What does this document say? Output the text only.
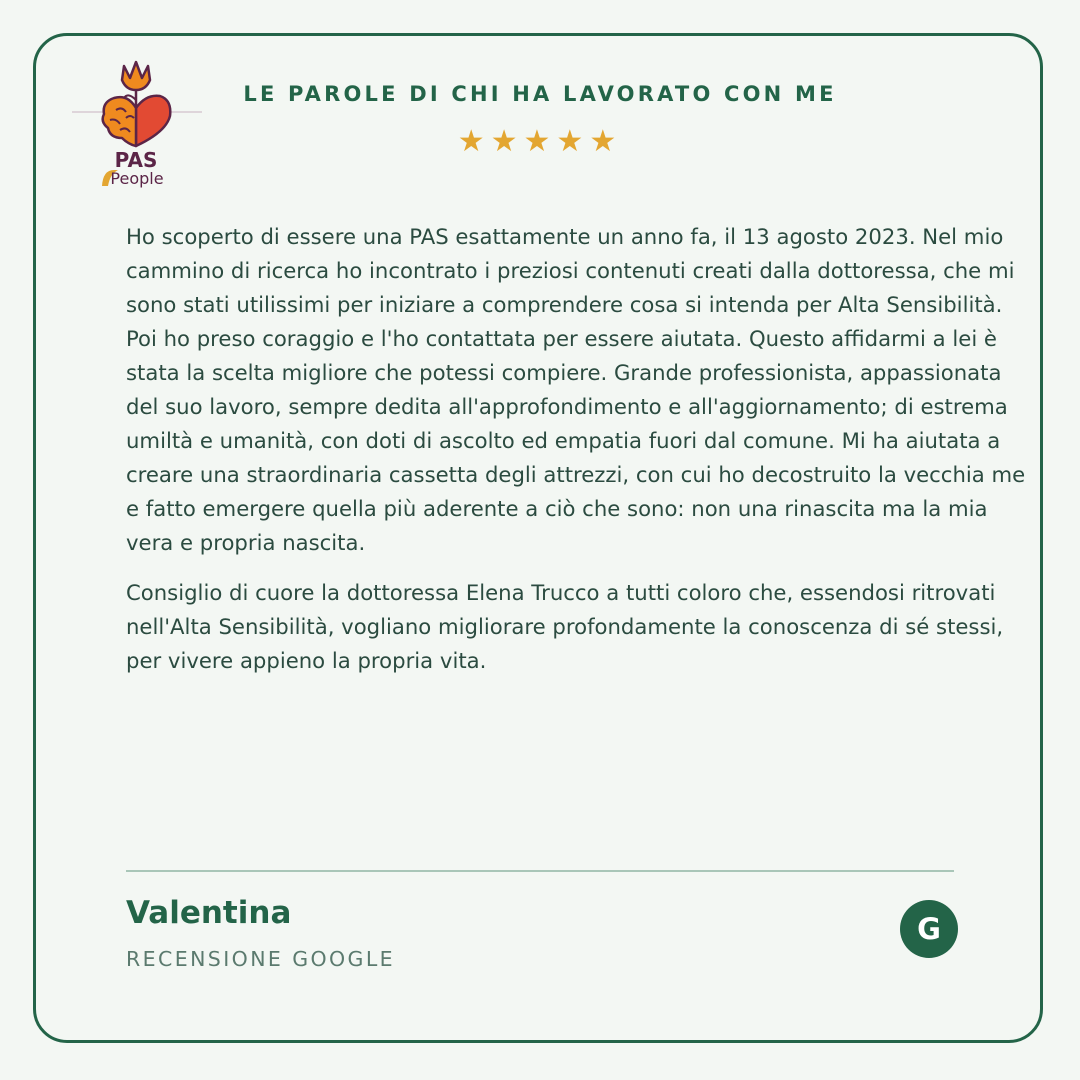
PAS
People
LE PAROLE DI CHI HA LAVORATO CON ME
★★★★★

Ho scoperto di essere una PAS esattamente un anno fa, il 13 agosto 2023. Nel mio cammino di ricerca ho incontrato i preziosi contenuti creati dalla dottoressa, che mi sono stati utilissimi per iniziare a comprendere cosa si intenda per Alta Sensibilità. Poi ho preso coraggio e l'ho contattata per essere aiutata. Questo affidarmi a lei è stata la scelta migliore che potessi compiere. Grande professionista, appassionata del suo lavoro, sempre dedita all'approfondimento e all'aggiornamento; di estrema umiltà e umanità, con doti di ascolto ed empatia fuori dal comune. Mi ha aiutata a creare una straordinaria cassetta degli attrezzi, con cui ho decostruito la vecchia me e fatto emergere quella più aderente a ciò che sono: non una rinascita ma la mia vera e propria nascita.

Consiglio di cuore la dottoressa Elena Trucco a tutti coloro che, essendosi ritrovati nell'Alta Sensibilità, vogliano migliorare profondamente la conoscenza di sé stessi, per vivere appieno la propria vita.

Valentina
RECENSIONE GOOGLE
G
